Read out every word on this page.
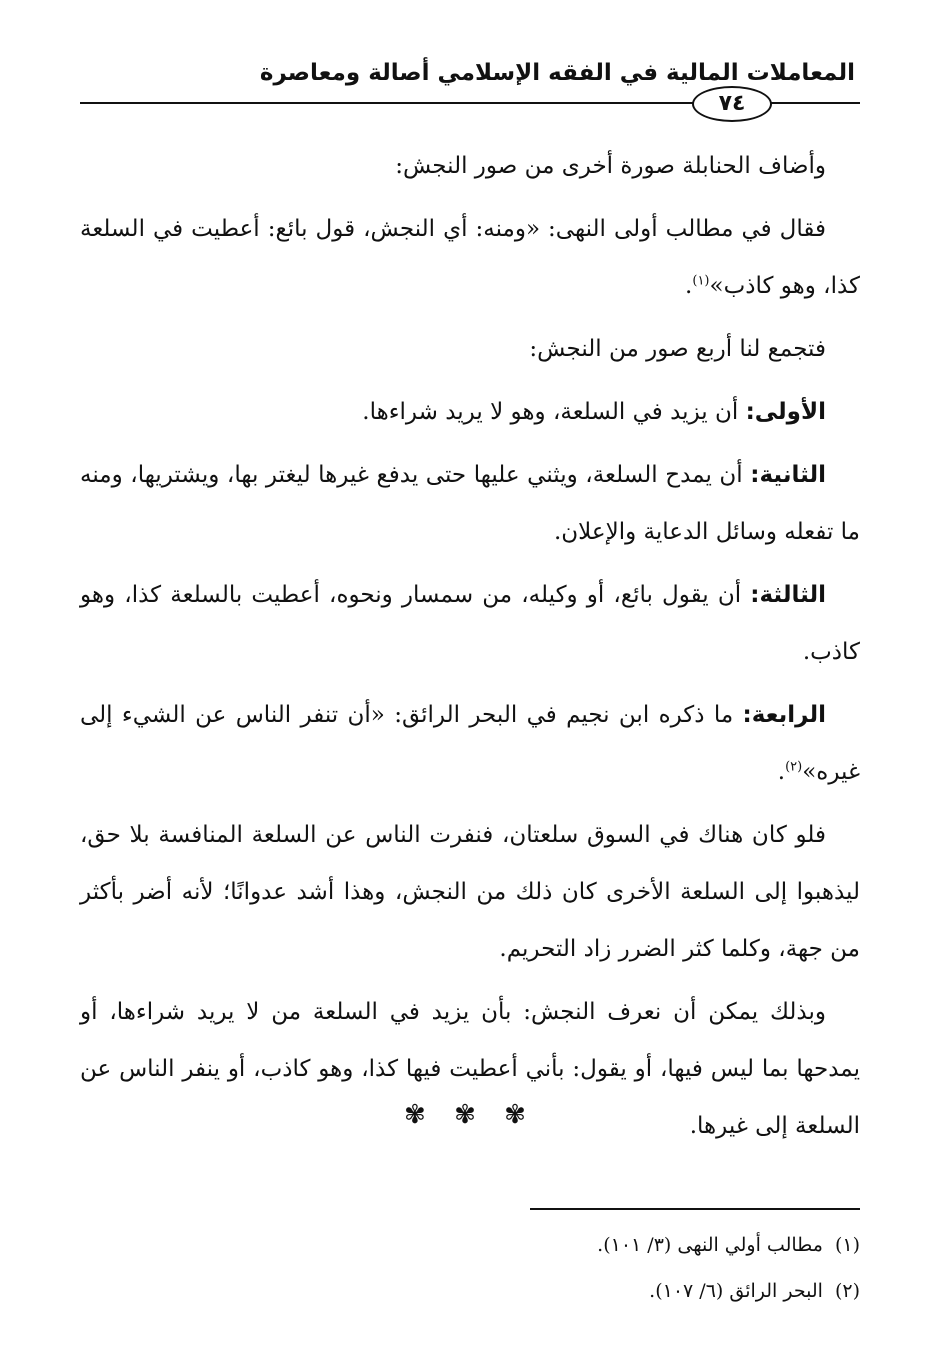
المعاملات المالية في الفقه الإسلامي أصالة ومعاصرة
٧٤

وأضاف الحنابلة صورة أخرى من صور النجش:

فقال في مطالب أولى النهى: «ومنه: أي النجش، قول بائع: أعطيت في السلعة كذا، وهو كاذب»$^{(١)}$.

فتجمع لنا أربع صور من النجش:

الأولى: أن يزيد في السلعة، وهو لا يريد شراءها.

الثانية: أن يمدح السلعة، ويثني عليها حتى يدفع غيرها ليغتر بها، ويشتريها، ومنه ما تفعله وسائل الدعاية والإعلان.

الثالثة: أن يقول بائع، أو وكيله، من سمسار ونحوه، أعطيت بالسلعة كذا، وهو كاذب.

الرابعة: ما ذكره ابن نجيم في البحر الرائق: «أن تنفر الناس عن الشيء إلى غيره»$^{(٢)}$.

فلو كان هناك في السوق سلعتان، فنفرت الناس عن السلعة المنافسة بلا حق، ليذهبوا إلى السلعة الأخرى كان ذلك من النجش، وهذا أشد عدوانًا؛ لأنه أضر بأكثر من جهة، وكلما كثر الضرر زاد التحريم.

وبذلك يمكن أن نعرف النجش: بأن يزيد في السلعة من لا يريد شراءها، أو يمدحها بما ليس فيها، أو يقول: بأني أعطيت فيها كذا، وهو كاذب، أو ينفر الناس عن السلعة إلى غيرها.

✾ ✾ ✾
(١)مطالب أولي النهى (٣/ ١٠١).
(٢)البحر الرائق (٦/ ١٠٧).
